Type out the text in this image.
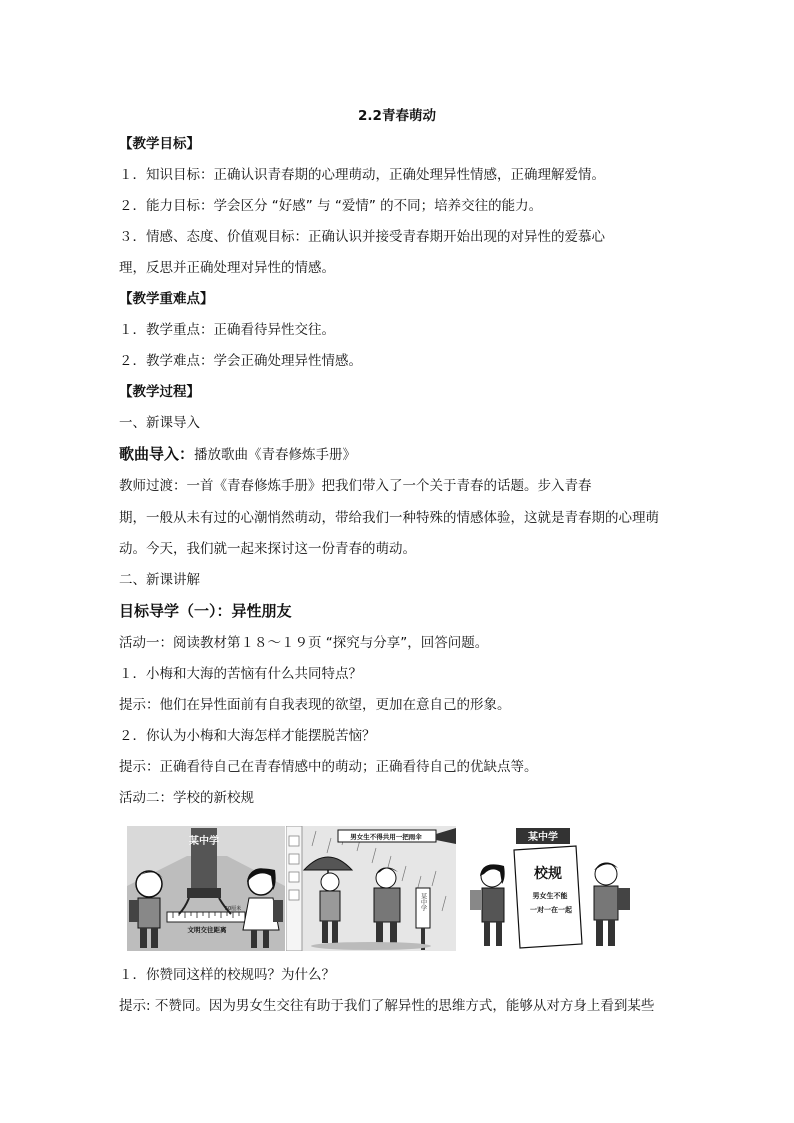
2.2青春萌动
【教学目标】
１．知识目标：正确认识青春期的心理萌动，正确处理异性情感，正确理解爱情。
２．能力目标：学会区分 “好感” 与 “爱情” 的不同；培养交往的能力。
３．情感、态度、价值观目标：正确认识并接受青春期开始出现的对异性的爱慕心
理，反思并正确处理对异性的情感。
【教学重难点】
１．教学重点：正确看待异性交往。
２．教学难点：学会正确处理异性情感。
【教学过程】
一、新课导入
歌曲导入：播放歌曲《青春修炼手册》
教师过渡：一首《青春修炼手册》把我们带入了一个关于青春的话题。步入青春
期，一般从未有过的心潮悄然萌动，带给我们一种特殊的情感体验，这就是青春期的心理萌
动。今天，我们就一起来探讨这一份青春的萌动。
二、新课讲解
目标导学（一）：异性朋友
活动一：阅读教材第１８～１９页 “探究与分享”，回答问题。
１．小梅和大海的苦恼有什么共同特点？
提示：他们在异性面前有自我表现的欲望，更加在意自己的形象。
２．你认为小梅和大海怎样才能摆脱苦恼？
提示：正确看待自己在青春情感中的萌动；正确看待自己的优缺点等。
活动二：学校的新校规
某中学
50厘米
文明交往距离
男女生不得共用一把雨伞
某中学
某中学
校规
男女生不能
一对一在一起
１．你赞同这样的校规吗？为什么？
提示: 不赞同。因为男女生交往有助于我们了解异性的思维方式，能够从对方身上看到某些
